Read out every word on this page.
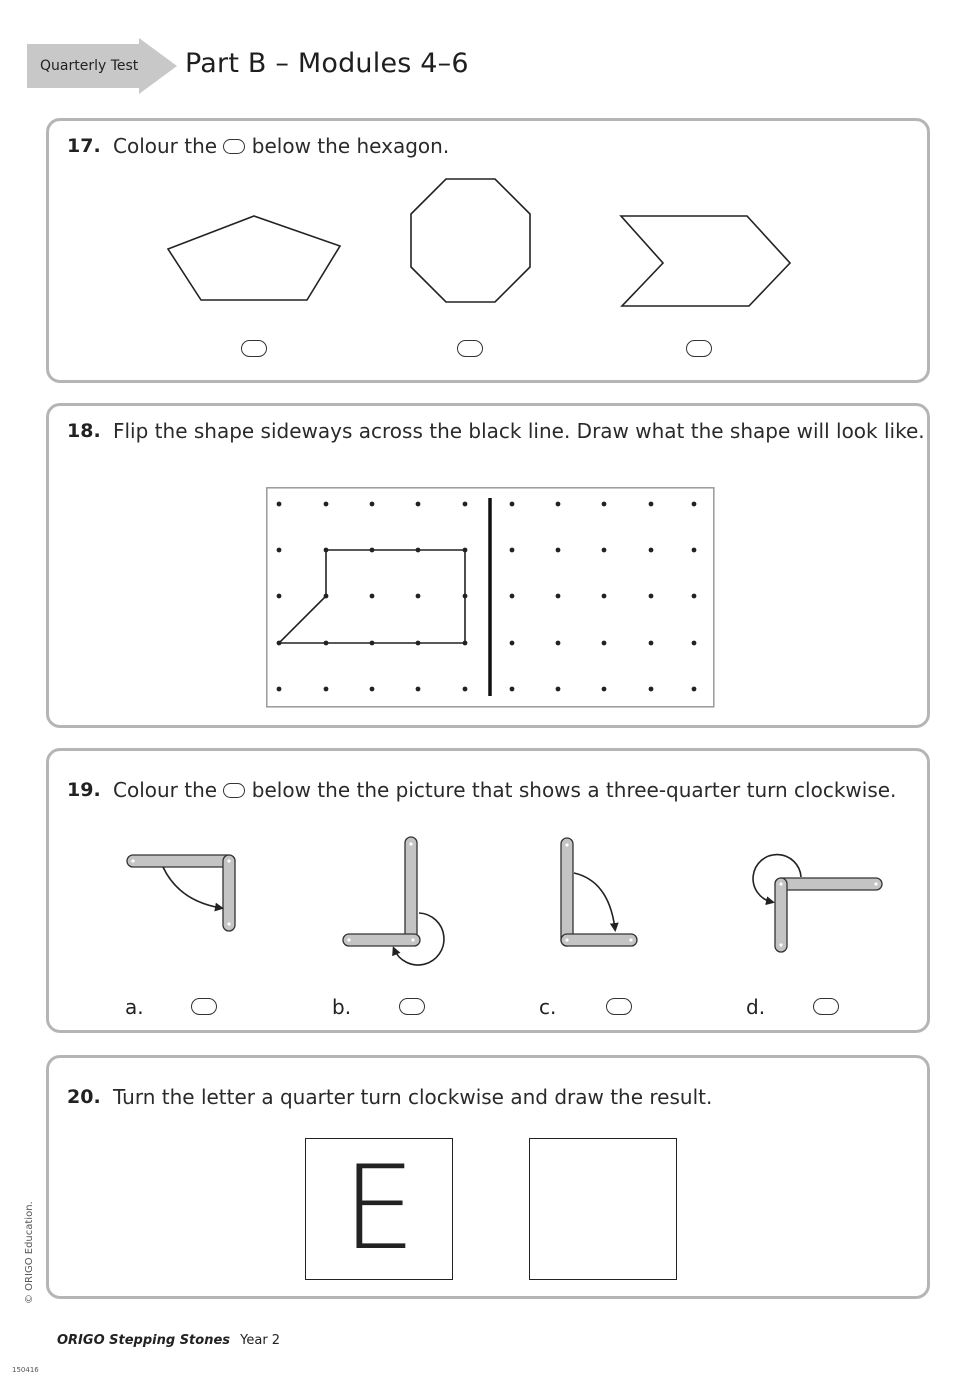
Quarterly Test Part B – Modules 4–6
17. Colour the below the hexagon.
18. Flip the shape sideways across the black line. Draw what the shape will look like.
19. Colour the below the the picture that shows a three-quarter turn clockwise.
a.	b.	c.	d.
20. Turn the letter a quarter turn clockwise and draw the result.
E
© ORIGO Education.
ORIGO Stepping Stones Year 2
150416
